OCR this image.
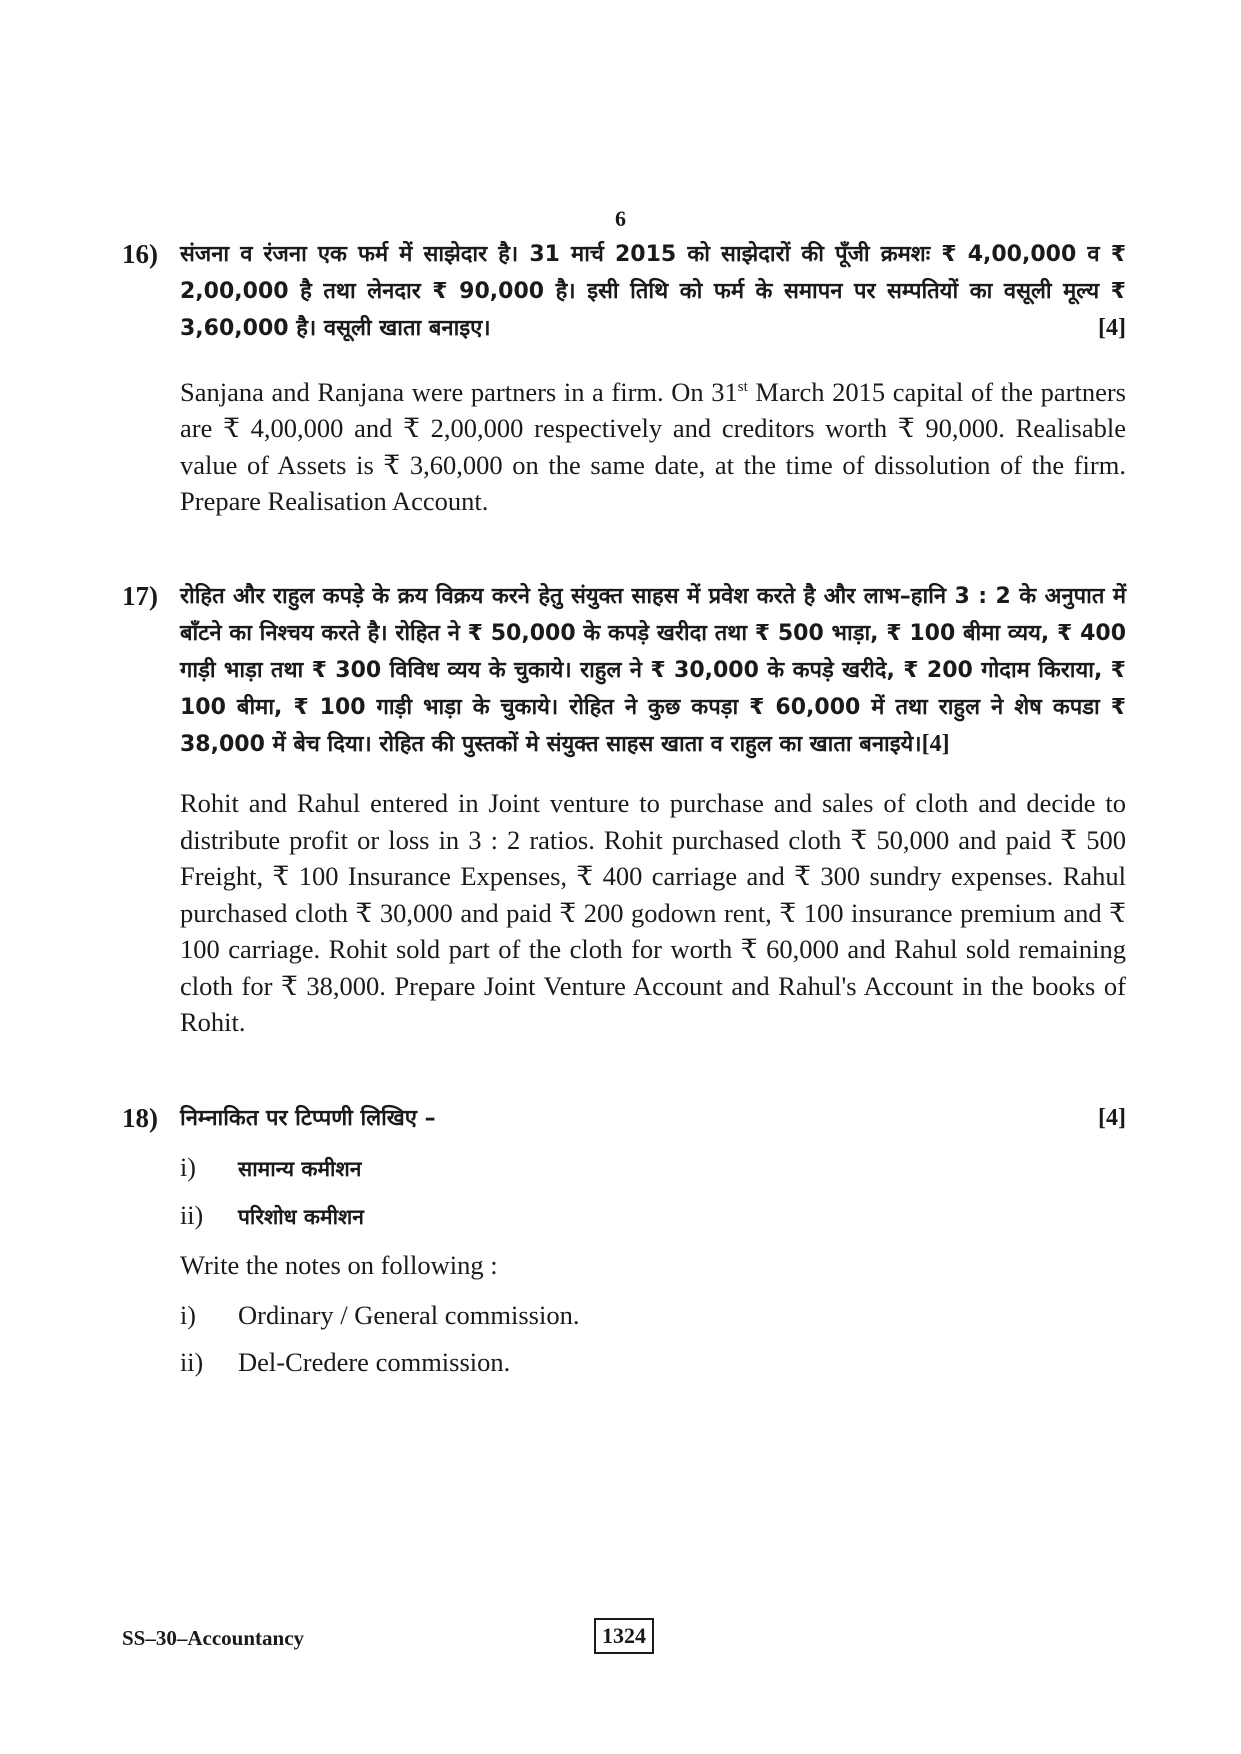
6
16) संजना व रंजना एक फर्म में साझेदार है। 31 मार्च 2015 को साझेदारों की पूँजी क्रमशः ₹ 4,00,000 व ₹ 2,00,000 है तथा लेनदार ₹ 90,000 है। इसी तिथि को फर्म के समापन पर सम्पतियों का वसूली मूल्य ₹ 3,60,000 है। वसूली खाता बनाइए।	[4]

Sanjana and Ranjana were partners in a firm. On 31st March 2015 capital of the partners are ₹ 4,00,000 and ₹ 2,00,000 respectively and creditors worth ₹ 90,000. Realisable value of Assets is ₹ 3,60,000 on the same date, at the time of dissolution of the firm. Prepare Realisation Account.

17) रोहित और राहुल कपड़े के क्रय विक्रय करने हेतु संयुक्त साहस में प्रवेश करते है और लाभ–हानि 3 : 2 के अनुपात में बाँटने का निश्चय करते है। रोहित ने ₹ 50,000 के कपड़े खरीदा तथा ₹ 500 भाड़ा, ₹ 100 बीमा व्यय, ₹ 400 गाड़ी भाड़ा तथा ₹ 300 विविध व्यय के चुकाये। राहुल ने ₹ 30,000 के कपड़े खरीदे, ₹ 200 गोदाम किराया, ₹ 100 बीमा, ₹ 100 गाड़ी भाड़ा के चुकाये। रोहित ने कुछ कपड़ा ₹ 60,000 में तथा राहुल ने शेष कपडा ₹ 38,000 में बेच दिया। रोहित की पुस्तकों मे संयुक्त साहस खाता व राहुल का खाता बनाइये।[4]

Rohit and Rahul entered in Joint venture to purchase and sales of cloth and decide to distribute profit or loss in 3 : 2 ratios. Rohit purchased cloth ₹ 50,000 and paid ₹ 500 Freight, ₹ 100 Insurance Expenses, ₹ 400 carriage and ₹ 300 sundry expenses. Rahul purchased cloth ₹ 30,000 and paid ₹ 200 godown rent, ₹ 100 insurance premium and ₹ 100 carriage. Rohit sold part of the cloth for worth ₹ 60,000 and Rahul sold remaining cloth for ₹ 38,000. Prepare Joint Venture Account and Rahul's Account in the books of Rohit.

18)	[4]

निम्नाकित पर टिप्पणी लिखिए –

i)	सामान्य कमीशन
ii)	परिशोध कमीशन

Write the notes on following :

i)	Ordinary / General commission.
ii)	Del-Credere commission.
SS–30–Accountancy	1324
